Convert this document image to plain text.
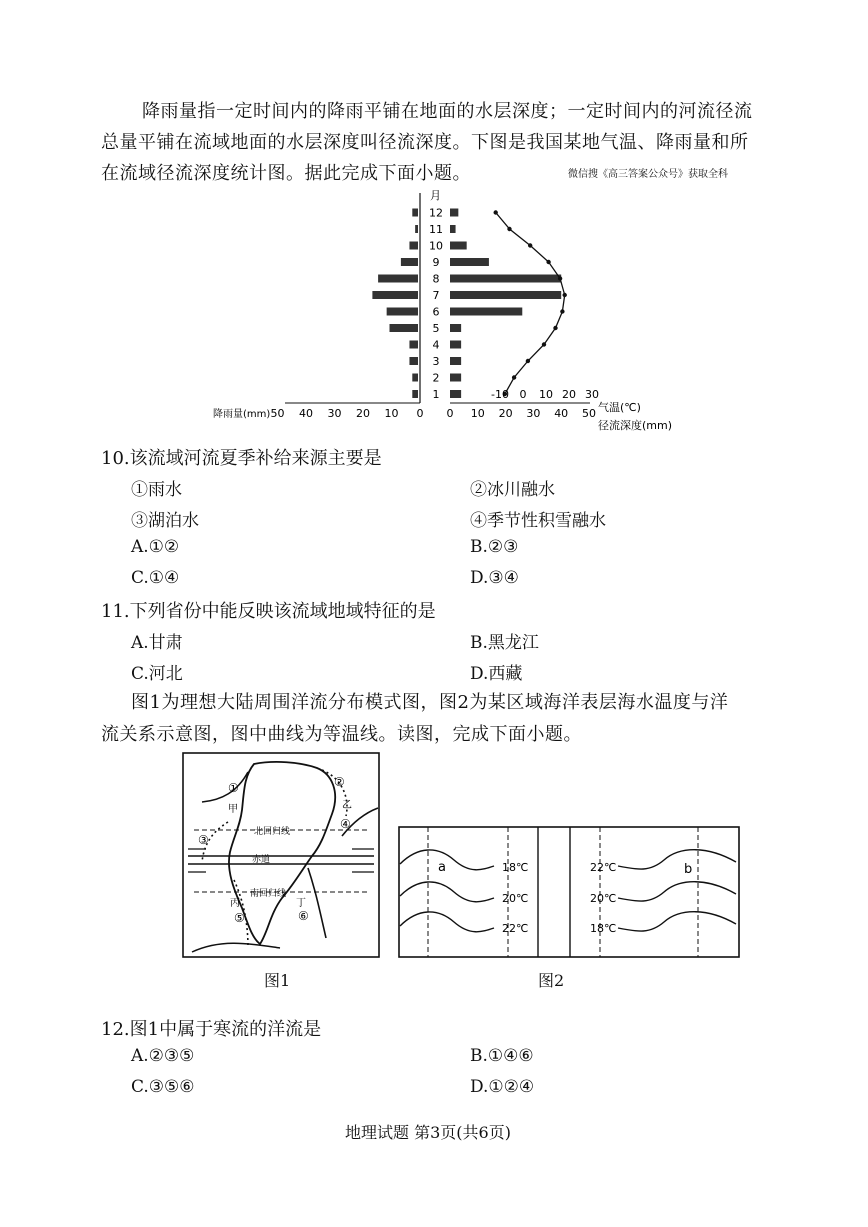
降雨量指一定时间内的降雨平铺在地面的水层深度；一定时间内的河流径流
总量平铺在流域地面的水层深度叫径流深度。下图是我国某地气温、降雨量和所
在流域径流深度统计图。据此完成下面小题。	微信搜《高三答案公众号》获取全科
月
1
2
3
4
5
6
7
8
9
10
11
12
50 40 30 20 10 0
降雨量(mm)
-10 0 10 20 30
气温(℃)
0 10 20 30 40 50
径流深度(mm)
10.该流域河流夏季补给来源主要是
①雨水	②冰川融水
③湖泊水	④季节性积雪融水
A.①②	B.②③
C.①④	D.③④
11.下列省份中能反映该流域地域特征的是
A.甘肃	B.黑龙江
C.河北	D.西藏
图1为理想大陆周围洋流分布模式图，图2为某区域海洋表层海水温度与洋
流关系示意图，图中曲线为等温线。读图，完成下面小题。
①	②
③
④
⑤	⑥
甲	乙
丙	丁
北回归线
赤道
南回归线
图1
a	b
18℃
20℃
22℃
22℃
20℃
18℃
图2
12.图1中属于寒流的洋流是
A.②③⑤	B.①④⑥
C.③⑤⑥	D.①②④
地理试题 第3页(共6页)
